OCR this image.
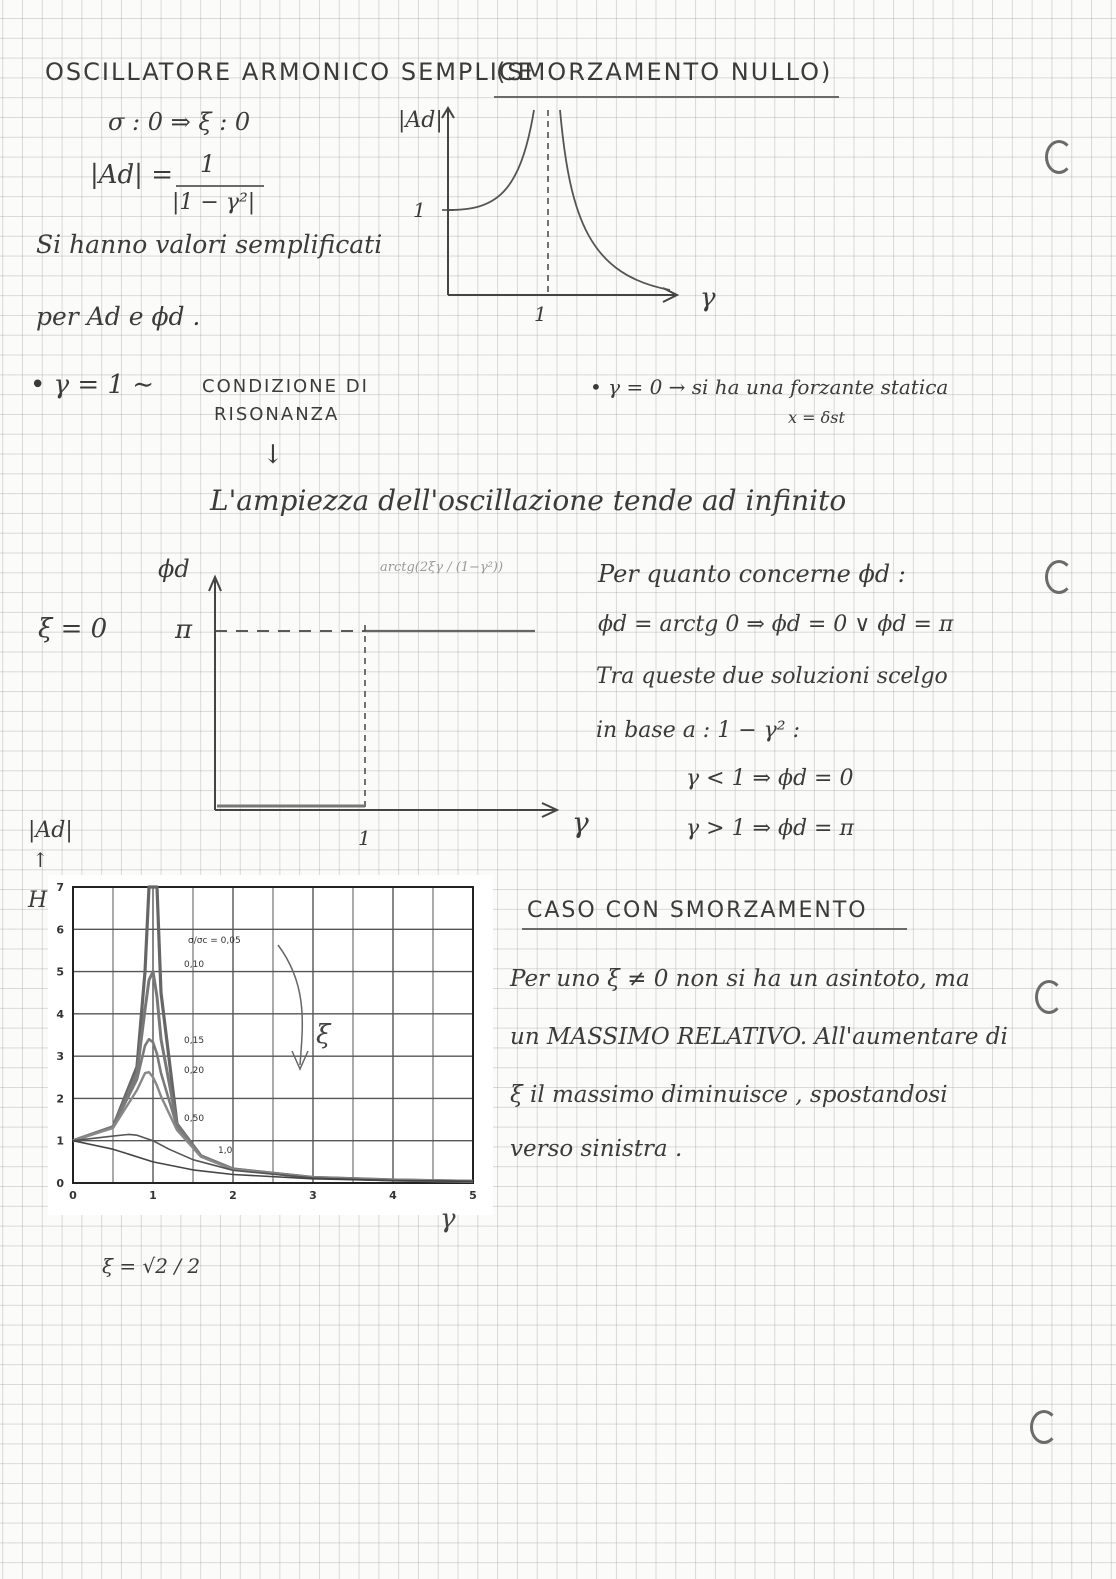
OSCILLATORE ARMONICO SEMPLICE
(SMORZAMENTO NULLO)
σ : 0 ⇒ ξ : 0
|Ad| = 1
|1 − γ²|
Si hanno valori semplificati
per Ad e ϕd .
|Ad|
1
1
γ
• γ = 1 ∼	CONDIZIONE DI
RISONANZA
↓
L'ampiezza dell'oscillazione tende ad infinito
• γ = 0 → si ha una forzante statica
x = δst
ϕd
π
1	γ
ξ = 0
arctg(2ξγ / (1−γ²))	Per quanto concerne ϕd :
ϕd = arctg 0 ⇒ ϕd = 0 ∨ ϕd = π
Tra queste due soluzioni scelgo
in base a : 1 − γ² :
γ < 1 ⇒ ϕd = 0
γ > 1 ⇒ ϕd = π
|Ad|
↑
H
0
1
2
3
4
5
6
7
0	1	2	3	4	5
σ/σc = 0,05
0,10
0,15
0,20
0,50
1,0
ξ
γ
ξ = √2 / 2
CASO CON SMORZAMENTO
Per uno ξ ≠ 0 non si ha un asintoto, ma
un MASSIMO RELATIVO. All'aumentare di
ξ il massimo diminuisce , spostandosi
verso sinistra .
